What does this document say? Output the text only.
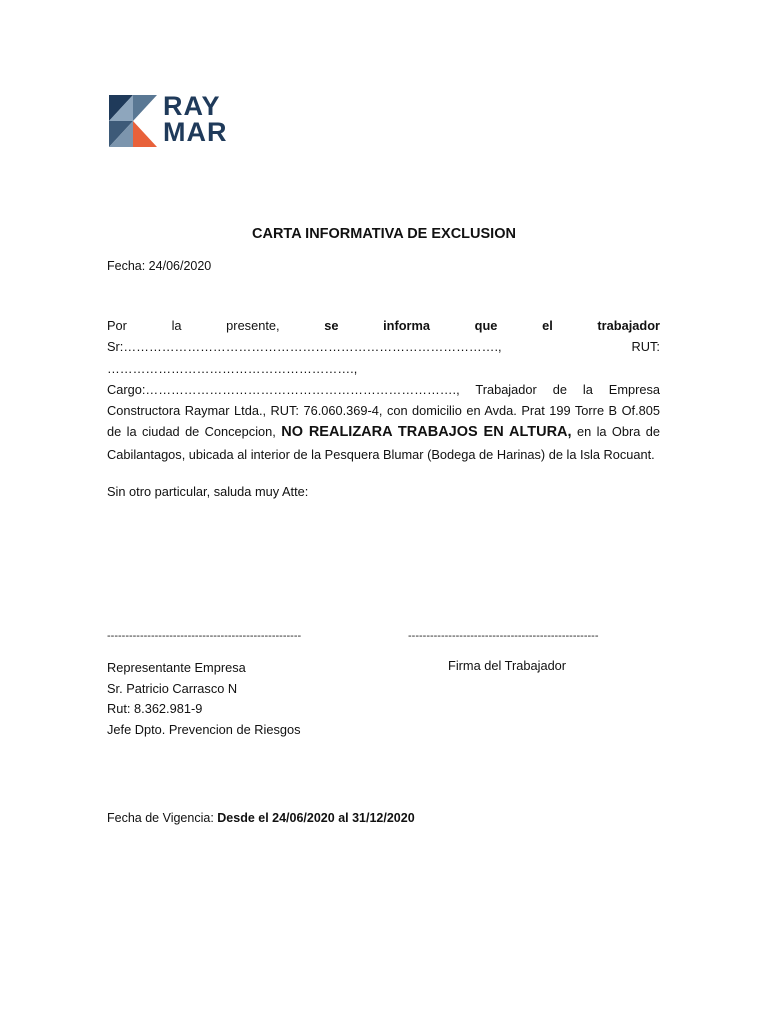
RAY
MAR
CARTA INFORMATIVA DE EXCLUSION
Fecha: 24/06/2020
Por la presente, se informa que el trabajador Sr:……………………………………………………………………………., RUT: …………………………………………………., Cargo:………………………………………………………………., Trabajador de la Empresa Constructora Raymar Ltda., RUT: 76.060.369-4, con domicilio en Avda. Prat 199 Torre B Of.805 de la ciudad de Concepcion, NO REALIZARA TRABAJOS EN ALTURA, en la Obra de Cabilantagos, ubicada al interior de la Pesquera Blumar (Bodega de Harinas) de la Isla Rocuant.
Sin otro particular, saluda muy Atte:
-----------------------------------------------------	----------------------------------------------------
Representante Empresa
Sr. Patricio Carrasco N
Rut: 8.362.981-9
Jefe Dpto. Prevencion de Riesgos
Firma del Trabajador
Fecha de Vigencia: Desde el 24/06/2020 al 31/12/2020
